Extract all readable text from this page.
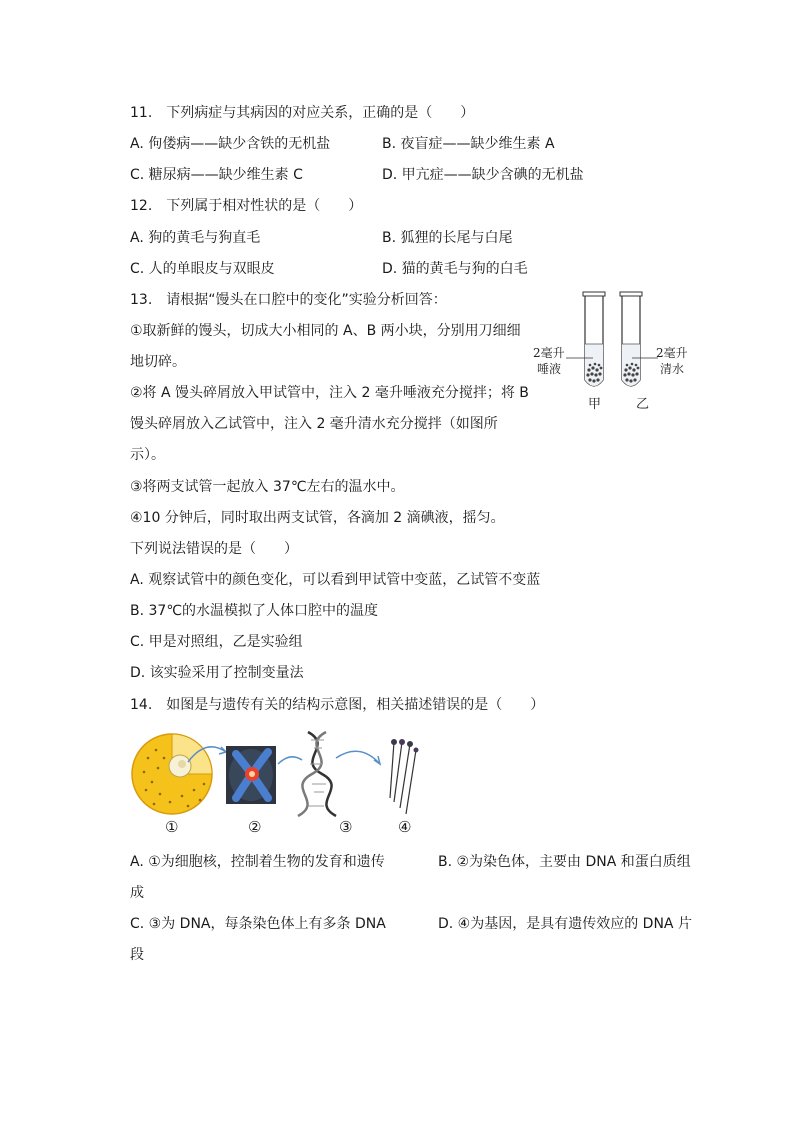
11.　下列病症与其病因的对应关系，正确的是（　　）
A. 佝偻病——缺少含铁的无机盐	B. 夜盲症——缺少维生素 A
C. 糖尿病——缺少维生素 C	D. 甲亢症——缺少含碘的无机盐
12.　下列属于相对性状的是（　　）
A. 狗的黄毛与狗直毛	B. 狐狸的长尾与白尾
C. 人的单眼皮与双眼皮	D. 猫的黄毛与狗的白毛
13.　请根据“馒头在口腔中的变化”实验分析回答：
①取新鲜的馒头，切成大小相同的 A、B 两小块，分别用刀细细
地切碎。
②将 A 馒头碎屑放入甲试管中，注入 2 毫升唾液充分搅拌；将 B
馒头碎屑放入乙试管中，注入 2 毫升清水充分搅拌（如图所
示）。
③将两支试管一起放入 37℃左右的温水中。
④10 分钟后，同时取出两支试管，各滴加 2 滴碘液，摇匀。
下列说法错误的是（　　）
A. 观察试管中的颜色变化，可以看到甲试管中变蓝，乙试管不变蓝
B. 37℃的水温模拟了人体口腔中的温度
C. 甲是对照组，乙是实验组
D. 该实验采用了控制变量法
2毫升
唾液
2毫升
清水
甲	乙
14.　如图是与遗传有关的结构示意图，相关描述错误的是（　　）
①	②	③	④
A. ①为细胞核，控制着生物的发育和遗传	B. ②为染色体，主要由 DNA 和蛋白质组
成
C. ③为 DNA，每条染色体上有多条 DNA	D. ④为基因，是具有遗传效应的 DNA 片
段
